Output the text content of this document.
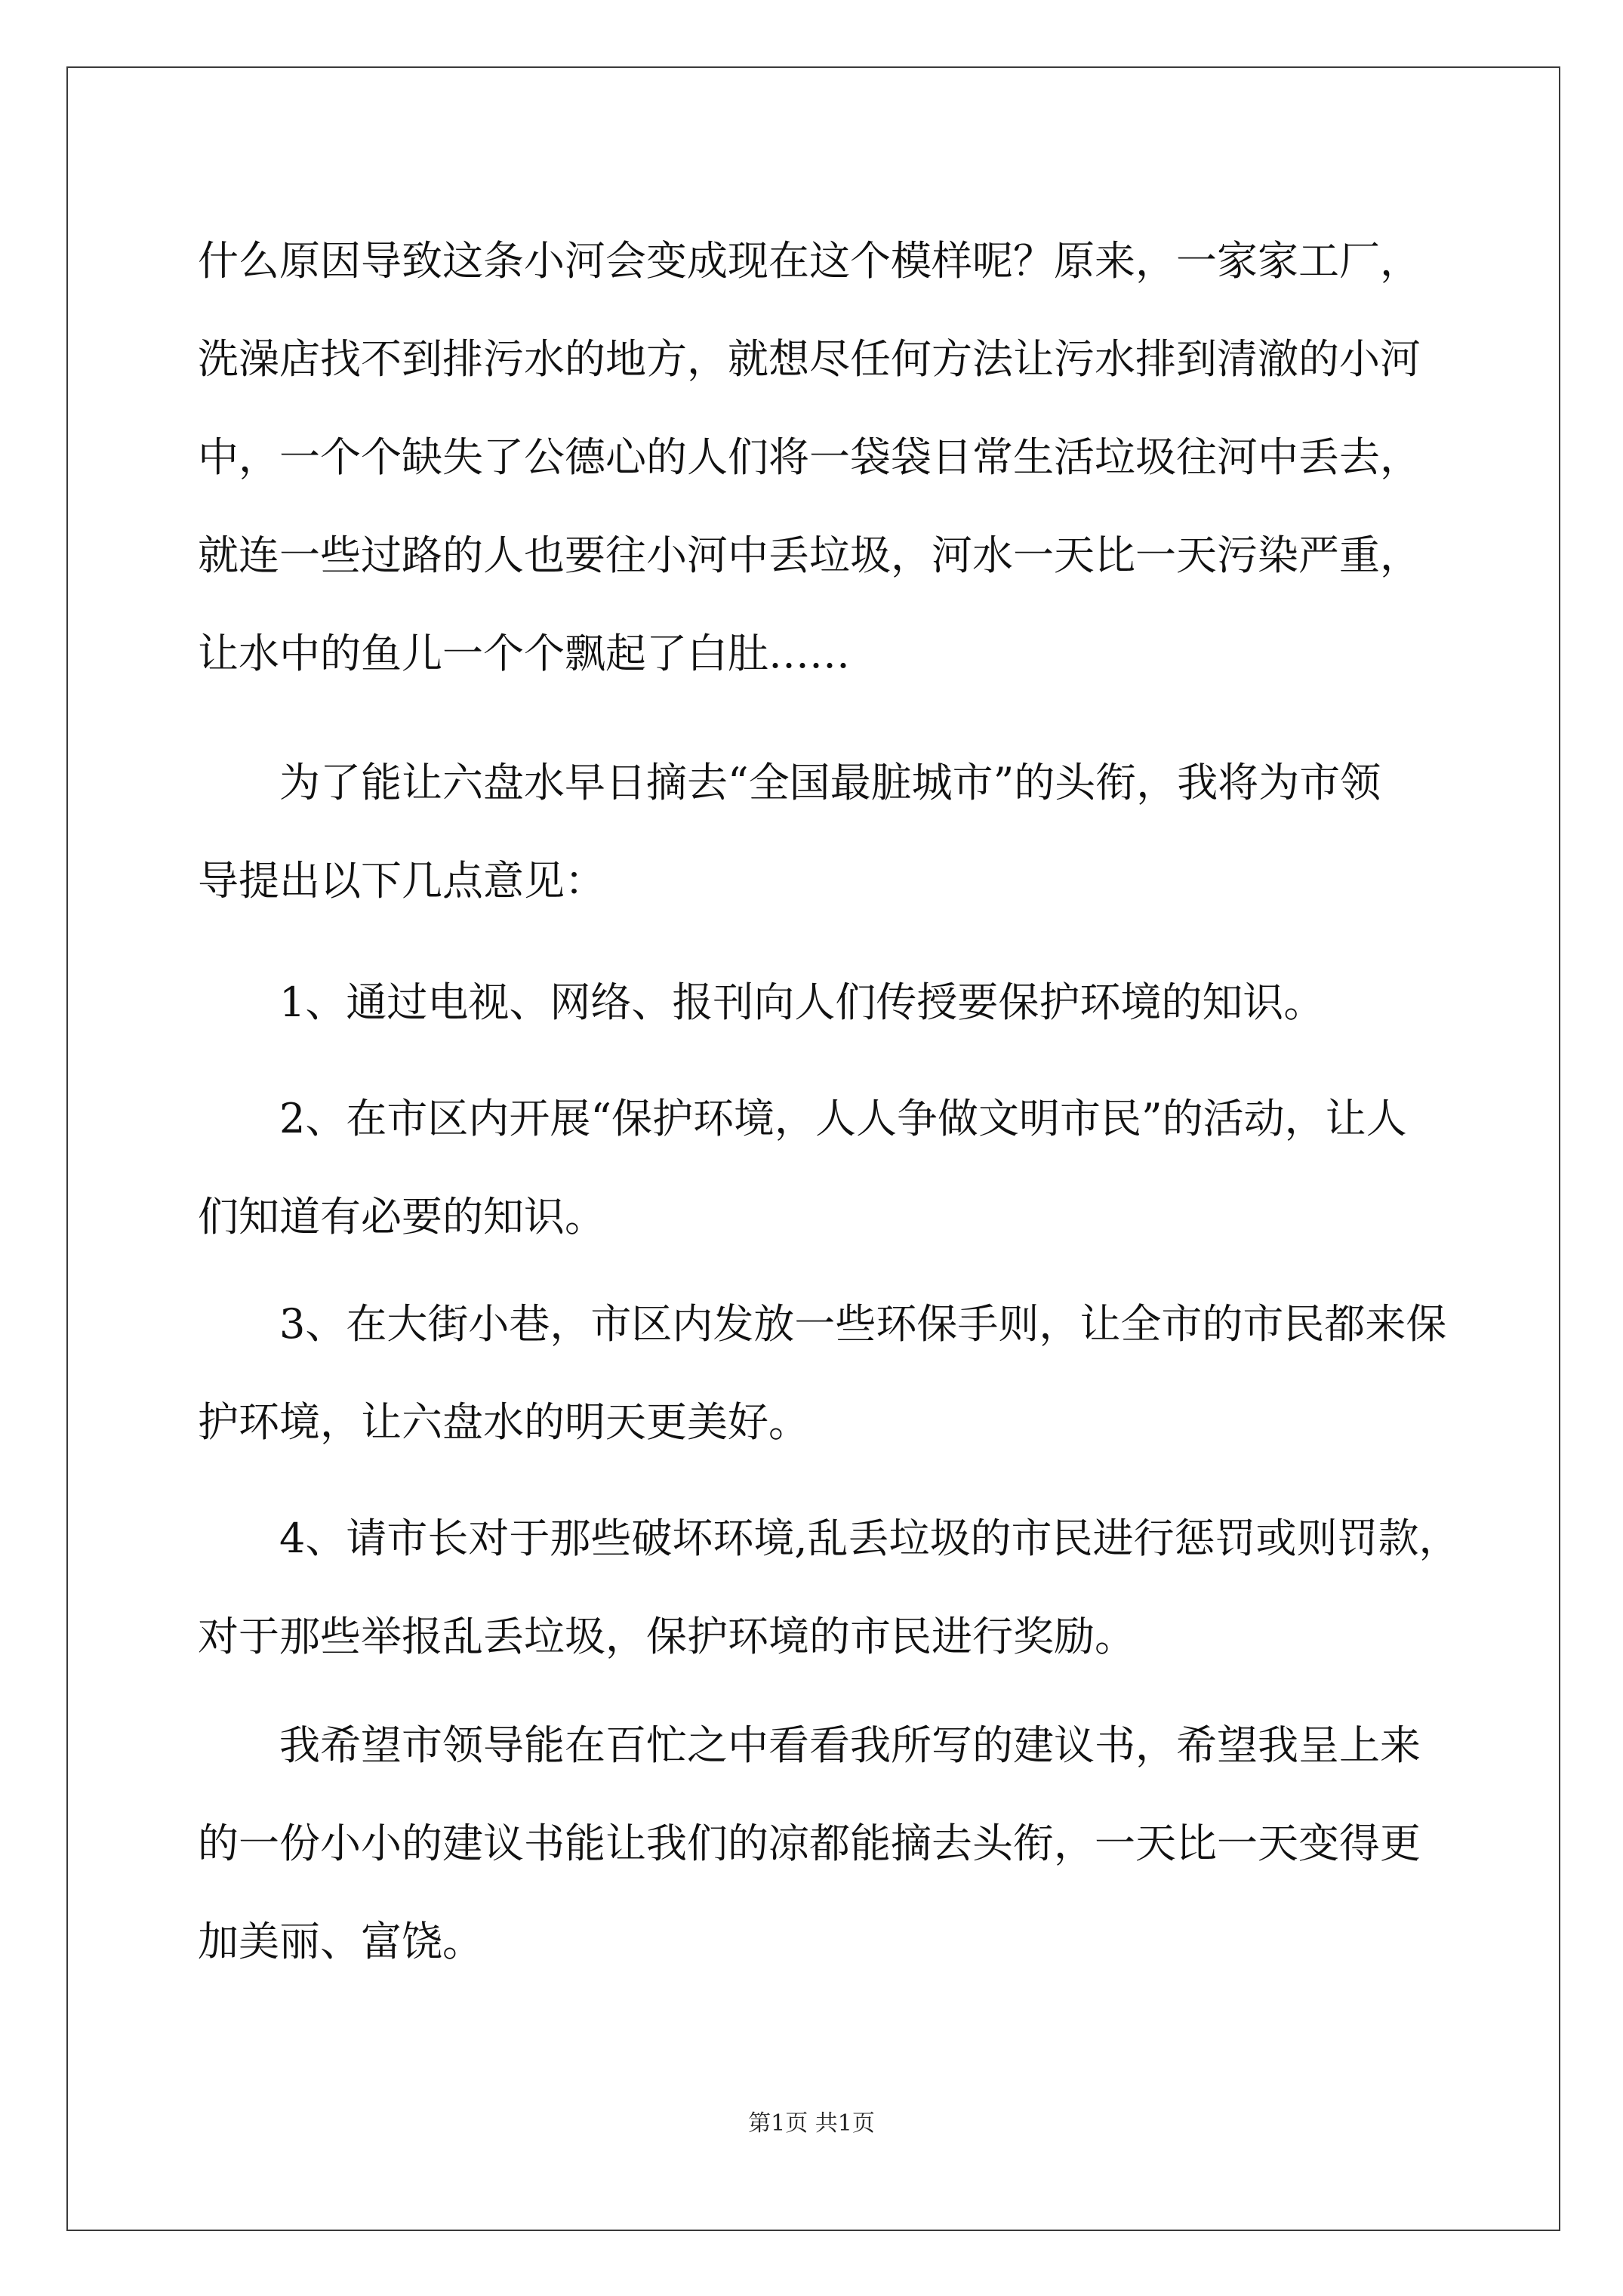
什么原因导致这条小河会变成现在这个模样呢？原来，一家家工厂，
洗澡店找不到排污水的地方，就想尽任何方法让污水排到清澈的小河
中，一个个缺失了公德心的人们将一袋袋日常生活垃圾往河中丢去，
就连一些过路的人也要往小河中丢垃圾，河水一天比一天污染严重，
让水中的鱼儿一个个飘起了白肚……
为了能让六盘水早日摘去“全国最脏城市”的头衔，我将为市领
导提出以下几点意见：
1、通过电视、网络、报刊向人们传授要保护环境的知识。
2、在市区内开展“保护环境，人人争做文明市民”的活动，让人
们知道有必要的知识。
3、在大街小巷，市区内发放一些环保手则，让全市的市民都来保
护环境，让六盘水的明天更美好。
4、请市长对于那些破坏环境,乱丢垃圾的市民进行惩罚或则罚款，
对于那些举报乱丢垃圾，保护环境的市民进行奖励。
我希望市领导能在百忙之中看看我所写的建议书，希望我呈上来
的一份小小的建议书能让我们的凉都能摘去头衔，一天比一天变得更
加美丽、富饶。
第1页 共1页
